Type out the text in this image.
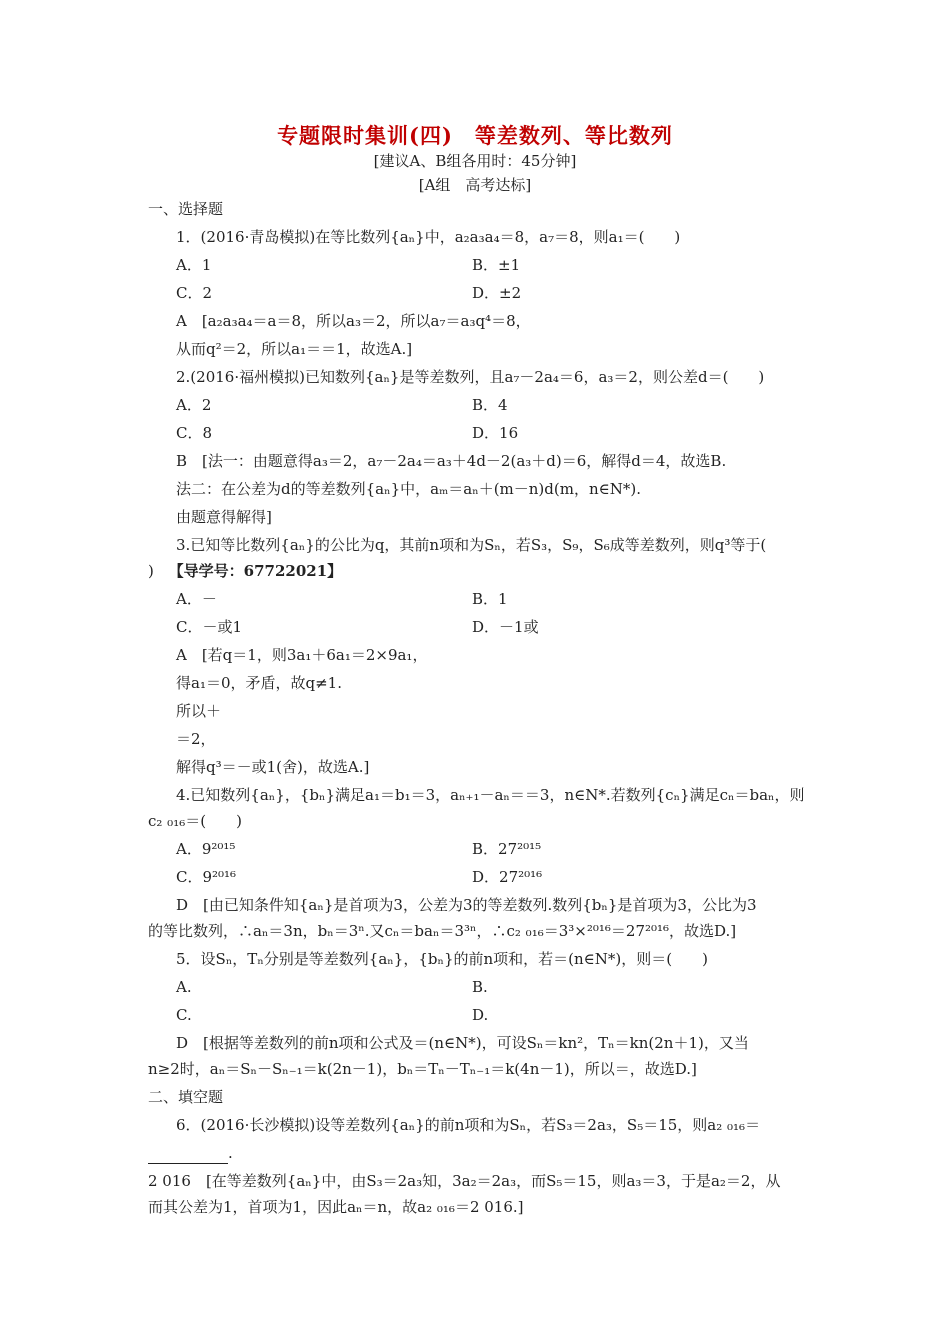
专题限时集训(四)　等差数列、等比数列
[建议A、B组各用时：45分钟]
[A组　高考达标]
一、选择题
1．(2016·青岛模拟)在等比数列{aₙ}中，a₂a₃a₄＝8，a₇＝8，则a₁＝(　　)
A．1	B．±1
C．2	D．±2
A　[a₂a₃a₄＝a＝8，所以a₃＝2，所以a₇＝a₃q⁴＝8，
从而q²＝2，所以a₁＝＝1，故选A.]
2.(2016·福州模拟)已知数列{aₙ}是等差数列，且a₇－2a₄＝6，a₃＝2，则公差d＝(　　)
A．2	B．4
C．8	D．16
B　[法一：由题意得a₃＝2，a₇－2a₄＝a₃＋4d－2(a₃＋d)＝6，解得d＝4，故选B.
法二：在公差为d的等差数列{aₙ}中，aₘ＝aₙ＋(m－n)d(m，n∈N*).
由题意得解得]
3.已知等比数列{aₙ}的公比为q，其前n项和为Sₙ，若S₃，S₉，S₆成等差数列，则q³等于(
) 【导学号：67722021】
A．－	B．1
C．－或1	D．－1或
A　[若q＝1，则3a₁＋6a₁＝2×9a₁，
得a₁＝0，矛盾，故q≠1.
所以＋
＝2，
解得q³＝－或1(舍)，故选A.]
4.已知数列{aₙ}，{bₙ}满足a₁＝b₁＝3，aₙ₊₁－aₙ＝＝3，n∈N*.若数列{cₙ}满足cₙ＝baₙ，则
c₂ ₀₁₆＝(　　)
A．9²⁰¹⁵	B．27²⁰¹⁵
C．9²⁰¹⁶	D．27²⁰¹⁶
D　[由已知条件知{aₙ}是首项为3，公差为3的等差数列.数列{bₙ}是首项为3，公比为3
的等比数列，∴aₙ＝3n，bₙ＝3ⁿ.又cₙ＝baₙ＝3³ⁿ，∴c₂ ₀₁₆＝3³×²⁰¹⁶＝27²⁰¹⁶，故选D.]
5．设Sₙ，Tₙ分别是等差数列{aₙ}，{bₙ}的前n项和，若＝(n∈N*)，则＝(　　)
A.	B.
C.	D.
D　[根据等差数列的前n项和公式及＝(n∈N*)，可设Sₙ＝kn²，Tₙ＝kn(2n＋1)，又当
n≥2时，aₙ＝Sₙ－Sₙ₋₁＝k(2n－1)，bₙ＝Tₙ－Tₙ₋₁＝k(4n－1)，所以＝，故选D.]
二、填空题
6．(2016·长沙模拟)设等差数列{aₙ}的前n项和为Sₙ，若S₃＝2a₃，S₅＝15，则a₂ ₀₁₆＝
.
2 016　[在等差数列{aₙ}中，由S₃＝2a₃知，3a₂＝2a₃，而S₅＝15，则a₃＝3，于是a₂＝2，从
而其公差为1，首项为1，因此aₙ＝n，故a₂ ₀₁₆＝2 016.]
